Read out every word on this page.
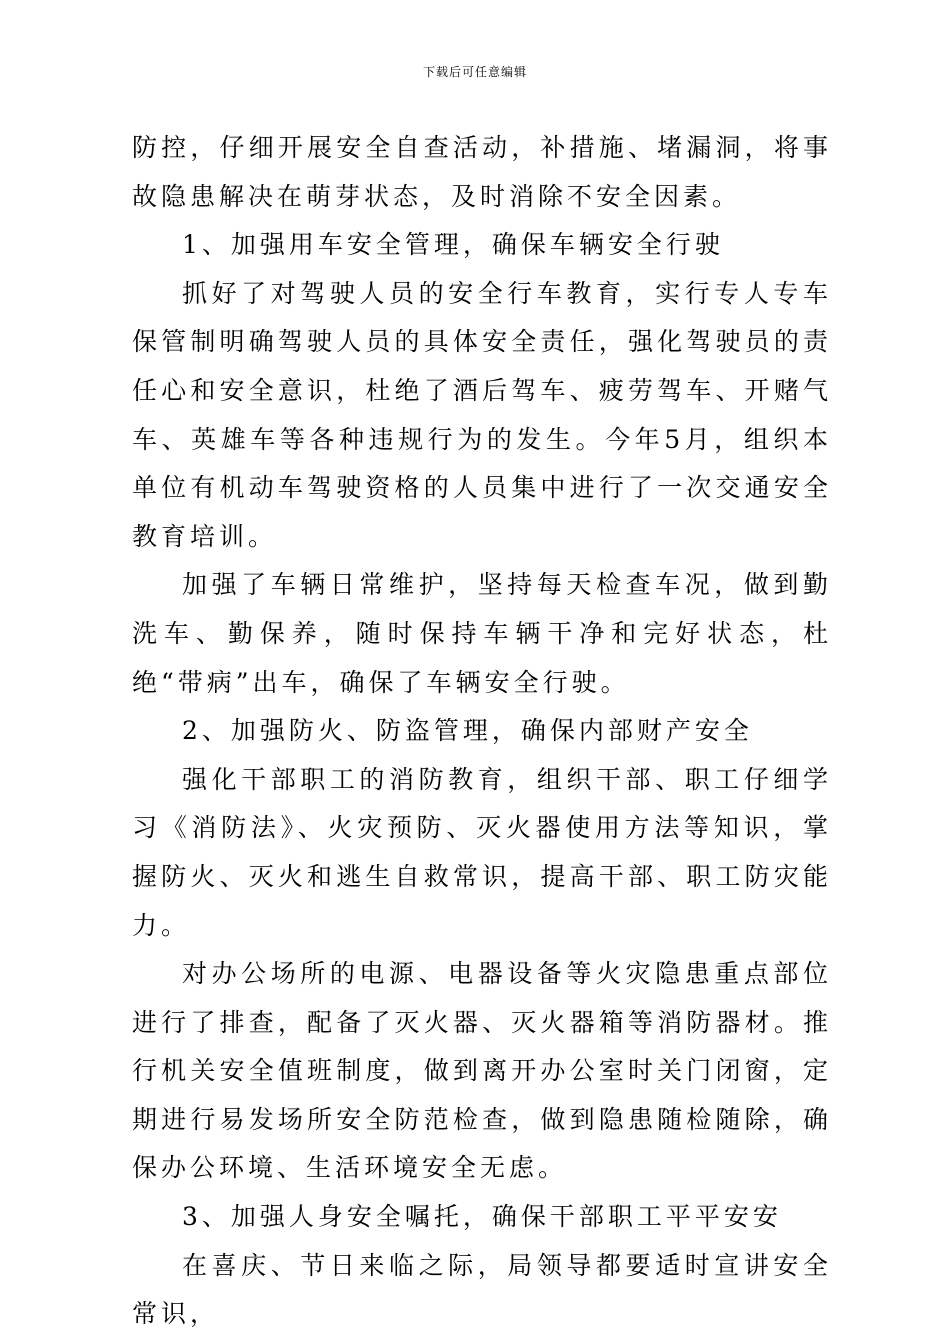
下载后可任意编辑

防控，仔细开展安全自查活动，补措施、堵漏洞，将事故隐患解决在萌芽状态，及时消除不安全因素。

1、加强用车安全管理，确保车辆安全行驶

抓好了对驾驶人员的安全行车教育，实行专人专车保管制明确驾驶人员的具体安全责任，强化驾驶员的责任心和安全意识，杜绝了酒后驾车、疲劳驾车、开赌气车、英雄车等各种违规行为的发生。今年5月，组织本单位有机动车驾驶资格的人员集中进行了一次交通安全教育培训。

加强了车辆日常维护，坚持每天检查车况，做到勤洗车、勤保养，随时保持车辆干净和完好状态，杜绝“带病”出车，确保了车辆安全行驶。

2、加强防火、防盗管理，确保内部财产安全

强化干部职工的消防教育，组织干部、职工仔细学习《消防法》、火灾预防、灭火器使用方法等知识，掌握防火、灭火和逃生自救常识，提高干部、职工防灾能力。

对办公场所的电源、电器设备等火灾隐患重点部位进行了排查，配备了灭火器、灭火器箱等消防器材。推行机关安全值班制度，做到离开办公室时关门闭窗，定期进行易发场所安全防范检查，做到隐患随检随除，确保办公环境、生活环境安全无虑。

3、加强人身安全嘱托，确保干部职工平平安安

在喜庆、节日来临之际，局领导都要适时宣讲安全常识，
